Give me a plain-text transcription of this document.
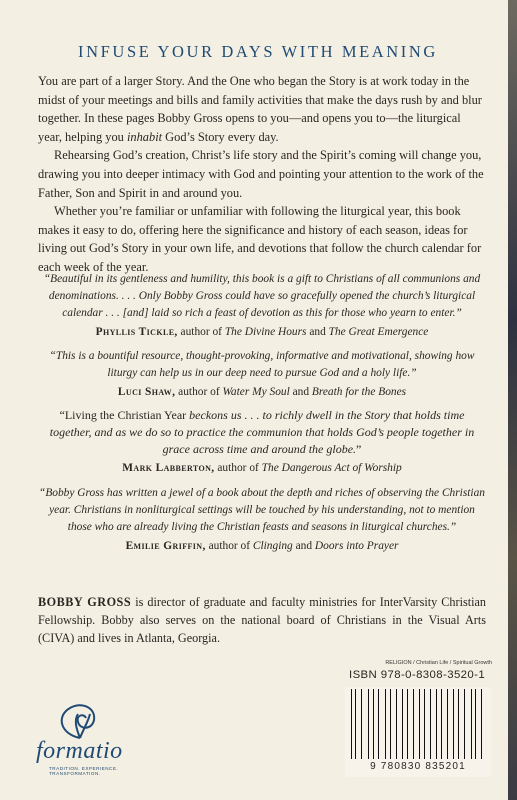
INFUSE YOUR DAYS WITH MEANING

You are part of a larger Story. And the One who began the Story is at work today in the midst of your meetings and bills and family activities that make the days rush by and blur together. In these pages Bobby Gross opens to you—and opens you to—the liturgical year, helping you inhabit God’s Story every day.

Rehearsing God’s creation, Christ’s life story and the Spirit’s coming will change you, drawing you into deeper intimacy with God and pointing your attention to the work of the Father, Son and Spirit in and around you.

Whether you’re familiar or unfamiliar with following the liturgical year, this book makes it easy to do, offering here the significance and history of each season, ideas for living out God’s Story in your own life, and devotions that follow the church calendar for each week of the year.

“Beautiful in its gentleness and humility, this book is a gift to Christians of all communions and denominations. . . . Only Bobby Gross could have so gracefully opened the church’s liturgical calendar . . . [and] laid so rich a feast of devotion as this for those who yearn to enter.”

Phyllis Tickle, author of The Divine Hours and The Great Emergence

“This is a bountiful resource, thought-provoking, informative and motivational, showing how liturgy can help us in our deep need to pursue God and a holy life.”

Luci Shaw, author of Water My Soul and Breath for the Bones

“Living the Christian Year beckons us . . . to richly dwell in the Story that holds time together, and as we do so to practice the communion that holds God’s people together in grace across time and around the globe.”

Mark Labberton, author of The Dangerous Act of Worship

“Bobby Gross has written a jewel of a book about the depth and riches of observing the Christian year. Christians in nonliturgical settings will be touched by his understanding, not to mention those who are already living the Christian feasts and seasons in liturgical churches.”

Emilie Griffin, author of Clinging and Doors into Prayer

BOBBY GROSS is director of graduate and faculty ministries for InterVarsity Christian Fellowship. Bobby also serves on the national board of Christians in the Visual Arts (CIVA) and lives in Atlanta, Georgia.
RELIGION / Christian Life / Spiritual Growth
ISBN 978-0-8308-3520-1
9 780830 835201
formatio
TRADITION. EXPERIENCE. TRANSFORMATION.
